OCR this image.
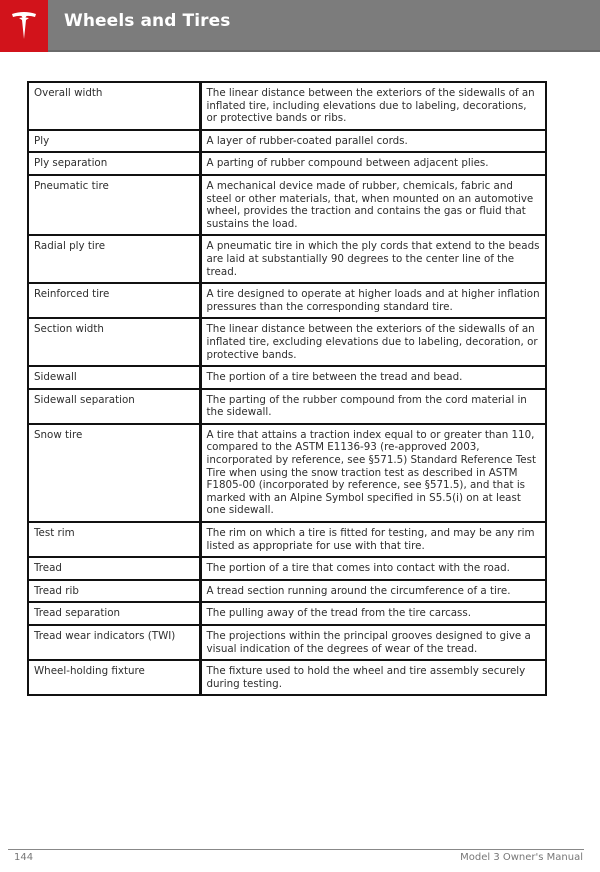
Wheels and Tires
Overall width	The linear distance between the exteriors of the sidewalls of an inflated tire, including elevations due to labeling, decorations, or protective bands or ribs.
Ply	A layer of rubber-coated parallel cords.
Ply separation	A parting of rubber compound between adjacent plies.
Pneumatic tire	A mechanical device made of rubber, chemicals, fabric and steel or other materials, that, when mounted on an automotive wheel, provides the traction and contains the gas or fluid that sustains the load.
Radial ply tire	A pneumatic tire in which the ply cords that extend to the beads are laid at substantially 90 degrees to the center line of the tread.
Reinforced tire	A tire designed to operate at higher loads and at higher inflation pressures than the corresponding standard tire.
Section width	The linear distance between the exteriors of the sidewalls of an inflated tire, excluding elevations due to labeling, decoration, or protective bands.
Sidewall	The portion of a tire between the tread and bead.
Sidewall separation	The parting of the rubber compound from the cord material in the sidewall.
Snow tire	A tire that attains a traction index equal to or greater than 110, compared to the ASTM E1136-93 (re-approved 2003, incorporated by reference, see §571.5) Standard Reference Test Tire when using the snow traction test as described in ASTM F1805-00 (incorporated by reference, see §571.5), and that is marked with an Alpine Symbol specified in S5.5(i) on at least one sidewall.
Test rim	The rim on which a tire is fitted for testing, and may be any rim listed as appropriate for use with that tire.
Tread	The portion of a tire that comes into contact with the road.
Tread rib	A tread section running around the circumference of a tire.
Tread separation	The pulling away of the tread from the tire carcass.
Tread wear indicators (TWI)	The projections within the principal grooves designed to give a visual indication of the degrees of wear of the tread.
Wheel-holding fixture	The fixture used to hold the wheel and tire assembly securely during testing.
144	Model 3 Owner's Manual
